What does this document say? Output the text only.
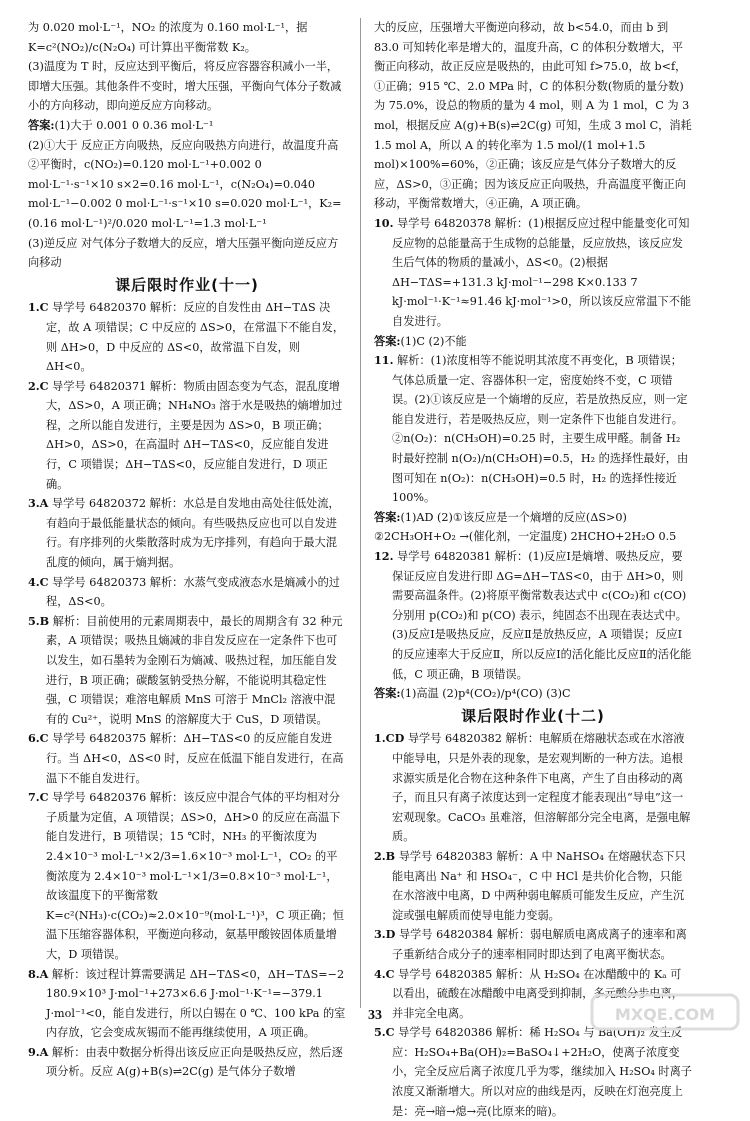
为 0.020 mol·L⁻¹，NO₂ 的浓度为 0.160 mol·L⁻¹，据 K=c²(NO₂)/c(N₂O₄) 可计算出平衡常数 K₂。

(3)温度为 T 时，反应达到平衡后，将反应容器容积减小一半，即增大压强。其他条件不变时，增大压强，平衡向气体分子数减小的方向移动，即向逆反应方向移动。

答案:(1)大于 0.001 0 0.36 mol·L⁻¹

(2)①大于 反应正方向吸热，反应向吸热方向进行，故温度升高

②平衡时，c(NO₂)=0.120 mol·L⁻¹+0.002 0 mol·L⁻¹·s⁻¹×10 s×2=0.16 mol·L⁻¹，c(N₂O₄)=0.040 mol·L⁻¹−0.002 0 mol·L⁻¹·s⁻¹×10 s=0.020 mol·L⁻¹，K₂=(0.16 mol·L⁻¹)²/0.020 mol·L⁻¹=1.3 mol·L⁻¹

(3)逆反应 对气体分子数增大的反应，增大压强平衡向逆反应方向移动

课后限时作业(十一)

1.C 导学号 64820370 解析：反应的自发性由 ΔH−TΔS 决定，故 A 项错误；C 中反应的 ΔS>0，在常温下不能自发，则 ΔH>0，D 中反应的 ΔS<0，故常温下自发，则 ΔH<0。

2.C 导学号 64820371 解析：物质由固态变为气态，混乱度增大，ΔS>0，A 项正确；NH₄NO₃ 溶于水是吸热的熵增加过程，之所以能自发进行，主要是因为 ΔS>0，B 项正确；ΔH>0，ΔS>0，在高温时 ΔH−TΔS<0，反应能自发进行，C 项错误；ΔH−TΔS<0，反应能自发进行，D 项正确。

3.A 导学号 64820372 解析：水总是自发地由高处往低处流，有趋向于最低能量状态的倾向。有些吸热反应也可以自发进行。有序排列的火柴散落时成为无序排列，有趋向于最大混乱度的倾向，属于熵判据。

4.C 导学号 64820373 解析：水蒸气变成液态水是熵减小的过程，ΔS<0。

5.B 解析：目前使用的元素周期表中，最长的周期含有 32 种元素，A 项错误；吸热且熵减的非自发反应在一定条件下也可以发生，如石墨转为金刚石为熵减、吸热过程，加压能自发进行，B 项正确；碳酸氢钠受热分解，不能说明其稳定性强，C 项错误；难溶电解质 MnS 可溶于 MnCl₂ 溶液中混有的 Cu²⁺，说明 MnS 的溶解度大于 CuS，D 项错误。

6.C 导学号 64820375 解析：ΔH−TΔS<0 的反应能自发进行。当 ΔH<0，ΔS<0 时，反应在低温下能自发进行，在高温下不能自发进行。

7.C 导学号 64820376 解析：该反应中混合气体的平均相对分子质量为定值，A 项错误；ΔS>0，ΔH>0 的反应在高温下能自发进行，B 项错误；15 ℃时，NH₃ 的平衡浓度为 2.4×10⁻³ mol·L⁻¹×2/3=1.6×10⁻³ mol·L⁻¹，CO₂ 的平衡浓度为 2.4×10⁻³ mol·L⁻¹×1/3=0.8×10⁻³ mol·L⁻¹，故该温度下的平衡常数 K=c²(NH₃)·c(CO₂)≈2.0×10⁻⁹(mol·L⁻¹)³，C 项正确；恒温下压缩容器体积，平衡逆向移动，氨基甲酸铵固体质量增大，D 项错误。

8.A 解析：该过程计算需要满足 ΔH−TΔS<0，ΔH−TΔS=−2 180.9×10³ J·mol⁻¹+273×6.6 J·mol⁻¹·K⁻¹=−379.1 J·mol⁻¹<0，能自发进行，所以白锡在 0 ℃、100 kPa 的室内存放，它会变成灰锡而不能再继续使用，A 项正确。

9.A 解析：由表中数据分析得出该反应正向是吸热反应，然后逐项分析。反应 A(g)+B(s)⇌2C(g) 是气体分子数增

大的反应，压强增大平衡逆向移动，故 b<54.0，而由 b 到 83.0 可知转化率是增大的，温度升高，C 的体积分数增大，平衡正向移动，故正反应是吸热的，由此可知 f>75.0，故 b<f，①正确；915 ℃、2.0 MPa 时，C 的体积分数(物质的量分数)为 75.0%，设总的物质的量为 4 mol，则 A 为 1 mol，C 为 3 mol，根据反应 A(g)+B(s)⇌2C(g) 可知，生成 3 mol C，消耗 1.5 mol A，所以 A 的转化率为 1.5 mol/(1 mol+1.5 mol)×100%=60%，②正确；该反应是气体分子数增大的反应，ΔS>0，③正确；因为该反应正向吸热，升高温度平衡正向移动，平衡常数增大，④正确，A 项正确。

10. 导学号 64820378 解析：(1)根据反应过程中能量变化可知反应物的总能量高于生成物的总能量，反应放热，该反应发生后气体的物质的量减小，ΔS<0。(2)根据 ΔH−TΔS=+131.3 kJ·mol⁻¹−298 K×0.133 7 kJ·mol⁻¹·K⁻¹≈91.46 kJ·mol⁻¹>0，所以该反应常温下不能自发进行。

答案:(1)C (2)不能

11. 解析：(1)浓度相等不能说明其浓度不再变化，B 项错误；气体总质量一定、容器体积一定，密度始终不变，C 项错误。(2)①该反应是一个熵增的反应，若是放热反应，则一定能自发进行，若是吸热反应，则一定条件下也能自发进行。②n(O₂)：n(CH₃OH)=0.25 时，主要生成甲醛。制备 H₂ 时最好控制 n(O₂)/n(CH₃OH)=0.5，H₂ 的选择性最好，由图可知在 n(O₂)：n(CH₃OH)=0.5 时，H₂ 的选择性接近 100%。

答案:(1)AD (2)①该反应是一个熵增的反应(ΔS>0) ②2CH₃OH+O₂ →(催化剂，一定温度) 2HCHO+2H₂O 0.5

12. 导学号 64820381 解析：(1)反应Ⅰ是熵增、吸热反应，要保证反应自发进行即 ΔG=ΔH−TΔS<0，由于 ΔH>0，则需要高温条件。(2)将原平衡常数表达式中 c(CO₂)和 c(CO) 分别用 p(CO₂)和 p(CO) 表示，纯固态不出现在表达式中。(3)反应Ⅰ是吸热反应，反应Ⅱ是放热反应，A 项错误；反应Ⅰ的反应速率大于反应Ⅱ，所以反应Ⅰ的活化能比反应Ⅱ的活化能低，C 项正确，B 项错误。

答案:(1)高温 (2)p⁴(CO₂)/p⁴(CO) (3)C

课后限时作业(十二)

1.CD 导学号 64820382 解析：电解质在熔融状态或在水溶液中能导电，只是外表的现象，是宏观判断的一种方法。追根求源实质是化合物在这种条件下电离，产生了自由移动的离子，而且只有离子浓度达到一定程度才能表现出“导电”这一宏观现象。CaCO₃ 虽难溶，但溶解部分完全电离，是强电解质。

2.B 导学号 64820383 解析：A 中 NaHSO₄ 在熔融状态下只能电离出 Na⁺ 和 HSO₄⁻，C 中 HCl 是共价化合物，只能在水溶液中电离，D 中两种弱电解质可能发生反应，产生沉淀或强电解质而使导电能力变弱。

3.D 导学号 64820384 解析：弱电解质电离成离子的速率和离子重新结合成分子的速率相同时即达到了电离平衡状态。

4.C 导学号 64820385 解析：从 H₂SO₄ 在冰醋酸中的 Kₐ 可以看出，硫酸在冰醋酸中电离受到抑制，多元酸分步电离，并非完全电离。

5.C 导学号 64820386 解析：稀 H₂SO₄ 与 Ba(OH)₂ 发生反应：H₂SO₄+Ba(OH)₂=BaSO₄↓+2H₂O，使离子浓度变小，完全反应后离子浓度几乎为零，继续加入 H₂SO₄ 时离子浓度又渐渐增大。所以对应的曲线是丙，反映在灯泡亮度上是：亮→暗→熄→亮(比原来的暗)。

33	MXQE.COM
